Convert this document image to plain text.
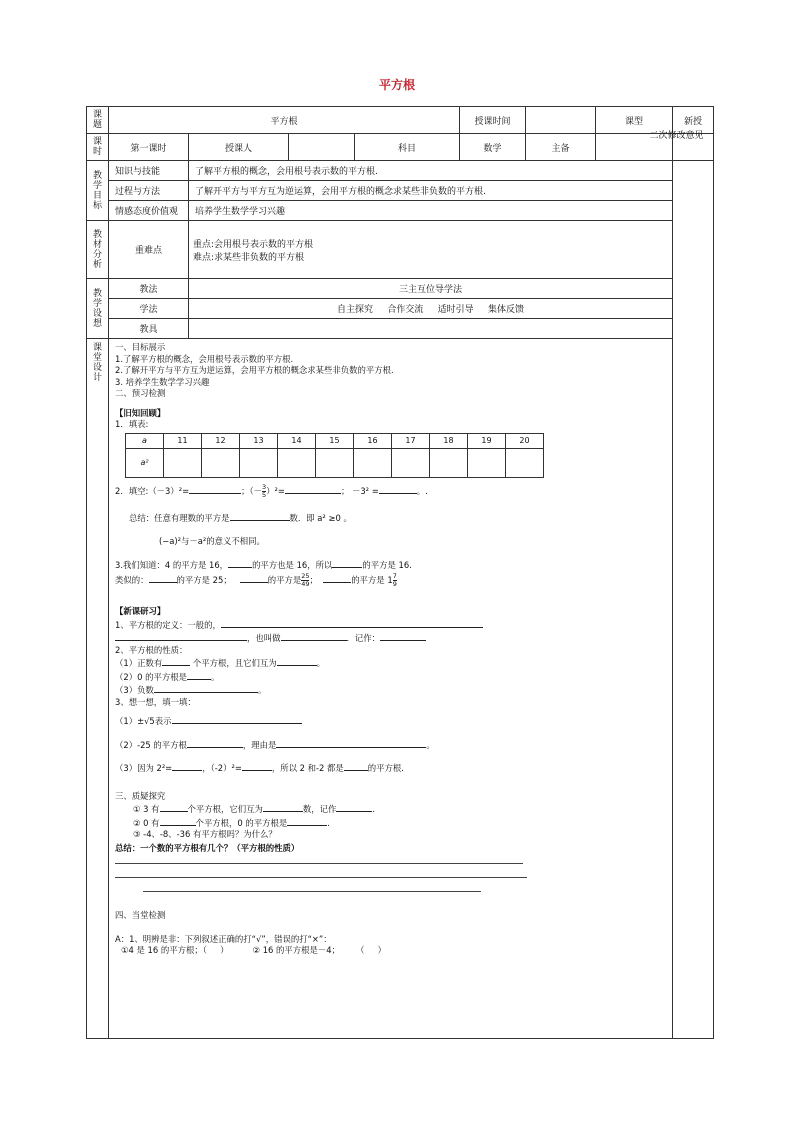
平方根
课
题	平方根	授课时间		课型	新授
课
时	第一课时	授课人		科目	数学	主备		
教
学
目
标	知识与技能	了解平方根的概念，会用根号表示数的平方根.	
过程与方法	了解开平方与平方互为逆运算，会用平方根的概念求某些非负数的平方根.
情感态度价值观	培养学生数学学习兴趣
教
材
分
析	重难点	

重点:会用根号表示数的平方根

难点:求某些非负数的平方根

教
学
设
想	教法	三主互位导学法
学法	自主探究     合作交流     适时引导     集体反馈
教具	
课
堂
设
计	

一、目标展示

1.了解平方根的概念，会用根号表示数的平方根.

2.了解开平方与平方互为逆运算，会用平方根的概念求某些非负数的平方根.

3. 培养学生数学学习兴趣

二、预习检测

【旧知回顾】

1．填表:

a	11	12	13	14	15	16	17	18	19	20
a²										

2．填空:（－3）²=	；（－ $\frac{3}{5} )^2=$	； －3² =	。.

总结：任意有理数的平方是	数．即 a² ≥0 。

(−a)²与－a²的意义不相同。

3.我们知道：4 的平方是 16，	的平方也是 16，所以	的平方是 16.

类似的：	的平方是 25；	的平方是 $\frac{25}{49}$ ；	的平方是 $1 \frac{7}{9}$

【新课研习】

1、平方根的定义：一般的，

，也叫做	．记作：

2、平方根的性质：

（1）正数有	个平方根，且它们互为	。

（2）0 的平方根是	。

（3）负数	。

3、想一想，填一填：

（1）±√5表示

（2）-25 的平方根	，理由是	。

（3）因为 2²=	，（-2）²=	，所以 2 和-2 都是	的平方根.

三、质疑探究

① 3 有	个平方根，它们互为	数，记作	.

② 0 有	个平方根，0 的平方根是	.

③ -4、-8、-36 有平方根吗？为什么？

总结：一个数的平方根有几个？（平方根的性质）

四、当堂检测

A：1、明辨是非：下列叙述正确的打“√”，错误的打“×”：

①4 是 16 的平方根；（     ）         ② 16 的平方根是－4；      （     ）

二次修改意见
